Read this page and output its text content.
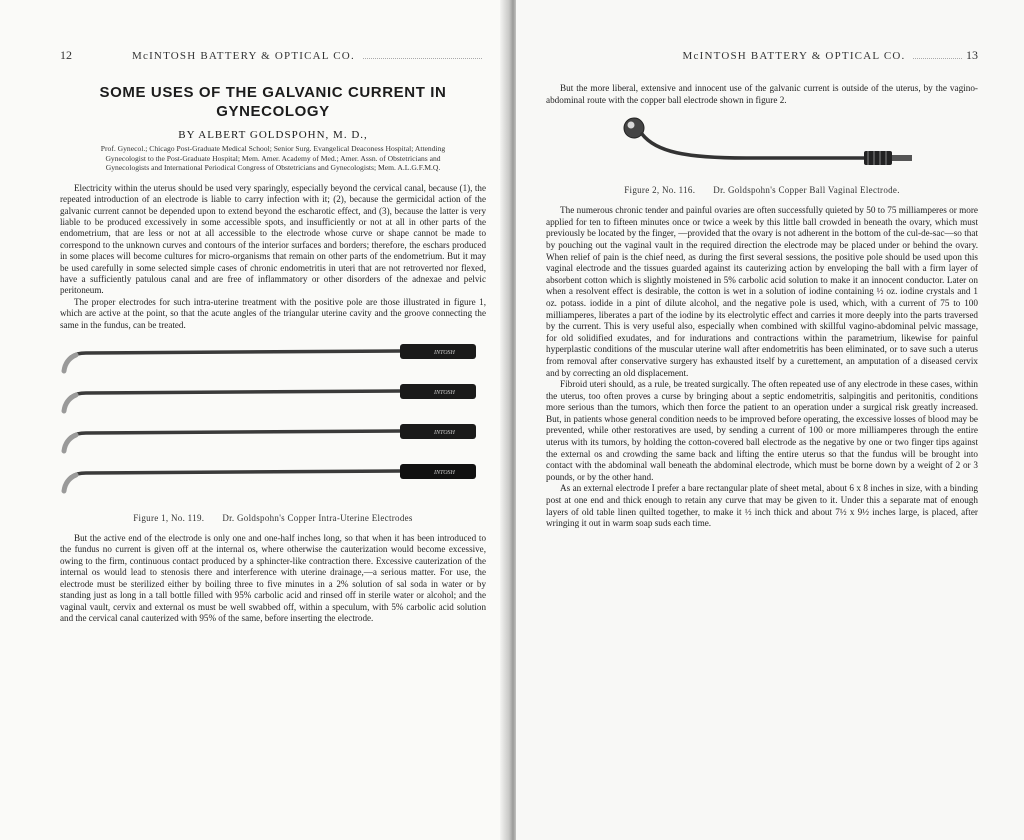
12	McINTOSH BATTERY & OPTICAL CO.
SOME USES OF THE GALVANIC CURRENT IN GYNECOLOGY
BY ALBERT GOLDSPOHN, M. D.,
Prof. Gynecol.; Chicago Post-Graduate Medical School; Senior Surg. Evangelical Deaconess Hospital; Attending Gynecologist to the Post-Graduate Hospital; Mem. Amer. Academy of Med.; Amer. Assn. of Obstetricians and Gynecologists and International Periodical Congress of Obstetricians and Gynecologists; Mem. A.L.G.F.M.Q.

Electricity within the uterus should be used very sparingly, especially beyond the cervical canal, because (1), the repeated introduction of an electrode is liable to carry infection with it; (2), because the germicidal action of the galvanic current cannot be depended upon to extend beyond the escharotic effect, and (3), because the latter is very liable to be produced excessively in some accessible spots, and insufficiently or not at all in other parts of the endometrium, that are less or not at all accessible to the electrode whose curve or shape cannot be made to correspond to the unknown curves and contours of the interior surfaces and borders; therefore, the eschars produced in some places will become cultures for micro-organisms that remain on other parts of the endometrium. But it may be used carefully in some selected simple cases of chronic endometritis in uteri that are not retroverted nor flexed, have a sufficiently patulous canal and are free of inflammatory or other disorders of the adnexae and pelvic peritoneum.

The proper electrodes for such intra-uterine treatment with the positive pole are those illustrated in figure 1, which are active at the point, so that the acute angles of the triangular uterine cavity and the groove connecting the same in the fundus, can be treated.

INTOSH
INTOSH
INTOSH
INTOSH
Figure 1, No. 119. Dr. Goldspohn's Copper Intra-Uterine Electrodes

But the active end of the electrode is only one and one-half inches long, so that when it has been introduced to the fundus no current is given off at the internal os, where otherwise the cauterization would become excessive, owing to the firm, continuous contact produced by a sphincter-like contraction there. Excessive cauterization of the internal os would lead to stenosis there and interference with uterine drainage,—a serious matter. For use, the electrode must be sterilized either by boiling three to five minutes in a 2% solution of sal soda in water or by standing just as long in a tall bottle filled with 95% carbolic acid and rinsed off in sterile water or alcohol; and the vaginal vault, cervix and external os must be well swabbed off, within a speculum, with 5% carbolic acid solution and the cervical canal cauterized with 95% of the same, before inserting the electrode.

McINTOSH BATTERY & OPTICAL CO.	13

But the more liberal, extensive and innocent use of the galvanic current is outside of the uterus, by the vagino-abdominal route with the copper ball electrode shown in figure 2.

Figure 2, No. 116. Dr. Goldspohn's Copper Ball Vaginal Electrode.

The numerous chronic tender and painful ovaries are often successfully quieted by 50 to 75 milliamperes or more applied for ten to fifteen minutes once or twice a week by this little ball crowded in beneath the ovary, which must previously be located by the finger, —provided that the ovary is not adherent in the bottom of the cul-de-sac—so that by pouching out the vaginal vault in the required direction the electrode may be placed under or behind the ovary. When relief of pain is the chief need, as during the first several sessions, the positive pole should be used upon this vaginal electrode and the tissues guarded against its cauterizing action by enveloping the ball with a firm layer of absorbent cotton which is slightly moistened in 5% carbolic acid solution to make it an innocent conductor. Later on when a resolvent effect is desirable, the cotton is wet in a solution of iodine containing ½ oz. iodine crystals and 1 oz. potass. iodide in a pint of dilute alcohol, and the negative pole is used, which, with a current of 75 to 100 milliamperes, liberates a part of the iodine by its electrolytic effect and carries it more deeply into the parts traversed by the current. This is very useful also, especially when combined with skillful vagino-abdominal pelvic massage, for old solidified exudates, and for indurations and contractions within the parametrium, likewise for painful hyperplastic conditions of the muscular uterine wall after endometritis has been eliminated, or to save such a uterus from removal after conservative surgery has exhausted itself by a curettement, an amputation of a diseased cervix and by correcting an old displacement.

Fibroid uteri should, as a rule, be treated surgically. The often repeated use of any electrode in these cases, within the uterus, too often proves a curse by bringing about a septic endometritis, salpingitis and peritonitis, conditions more serious than the tumors, which then force the patient to an operation under a surgical risk greatly increased. But, in patients whose general condition needs to be improved before operating, the excessive losses of blood may be prevented, while other restoratives are used, by sending a current of 100 or more milliamperes through the entire uterus with its tumors, by holding the cotton-covered ball electrode as the negative by one or two finger tips against the external os and crowding the same back and lifting the entire uterus so that the fundus will be brought into contact with the abdominal wall beneath the abdominal electrode, which must be borne down by a weight of 2 or 3 pounds, or by the other hand.

As an external electrode I prefer a bare rectangular plate of sheet metal, about 6 x 8 inches in size, with a binding post at one end and thick enough to retain any curve that may be given to it. Under this a separate mat of enough layers of old table linen quilted together, to make it ½ inch thick and about 7½ x 9½ inches large, is placed, after wringing it out in warm soap suds each time.
